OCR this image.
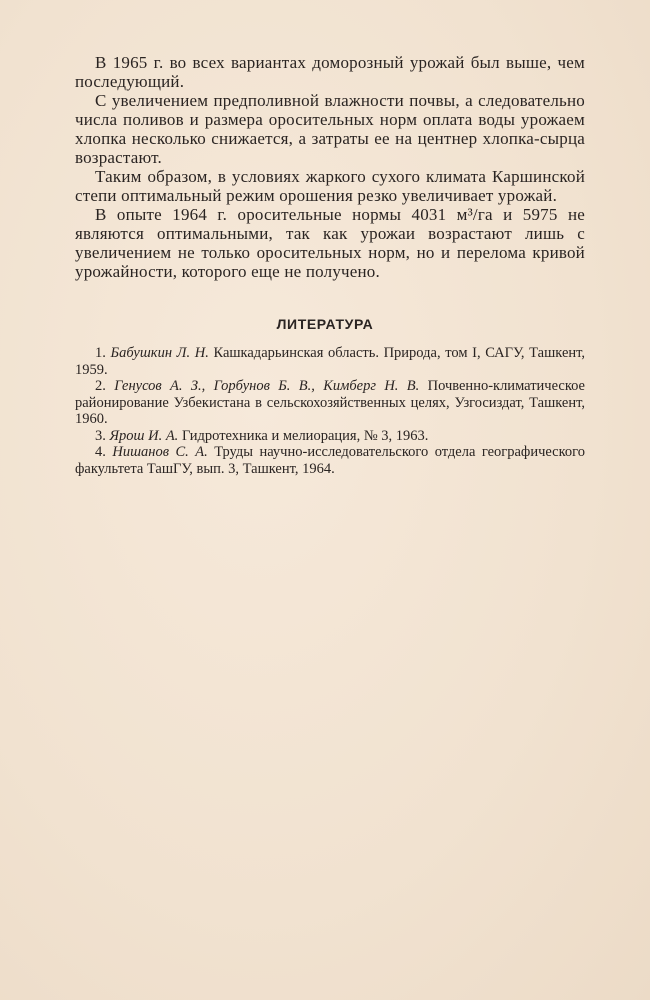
В 1965 г. во всех вариантах доморозный урожай был выше, чем последующий.

С увеличением предполивной влажности почвы, а следовательно числа поливов и размера оросительных норм оплата воды урожаем хлопка несколько снижается, а затраты ее на центнер хлопка-сырца возрастают.

Таким образом, в условиях жаркого сухого климата Каршинской степи оптимальный режим орошения резко увеличивает урожай.

В опыте 1964 г. оросительные нормы 4031 м³/га и 5975 не являются оптимальными, так как урожаи возрастают лишь с увеличением не только оросительных норм, но и перелома кривой урожайности, которого еще не получено.

ЛИТЕРАТУРА

1. Бабушкин Л. Н. Кашкадарьинская область. Природа, том I, САГУ, Ташкент, 1959.

2. Генусов А. З., Горбунов Б. В., Кимберг Н. В. Почвенно-климатическое районирование Узбекистана в сельскохозяйственных целях, Узгосиздат, Ташкент, 1960.

3. Ярош И. А. Гидротехника и мелиорация, № 3, 1963.

4. Нишанов С. А. Труды научно-исследовательского отдела географического факультета ТашГУ, вып. 3, Ташкент, 1964.
